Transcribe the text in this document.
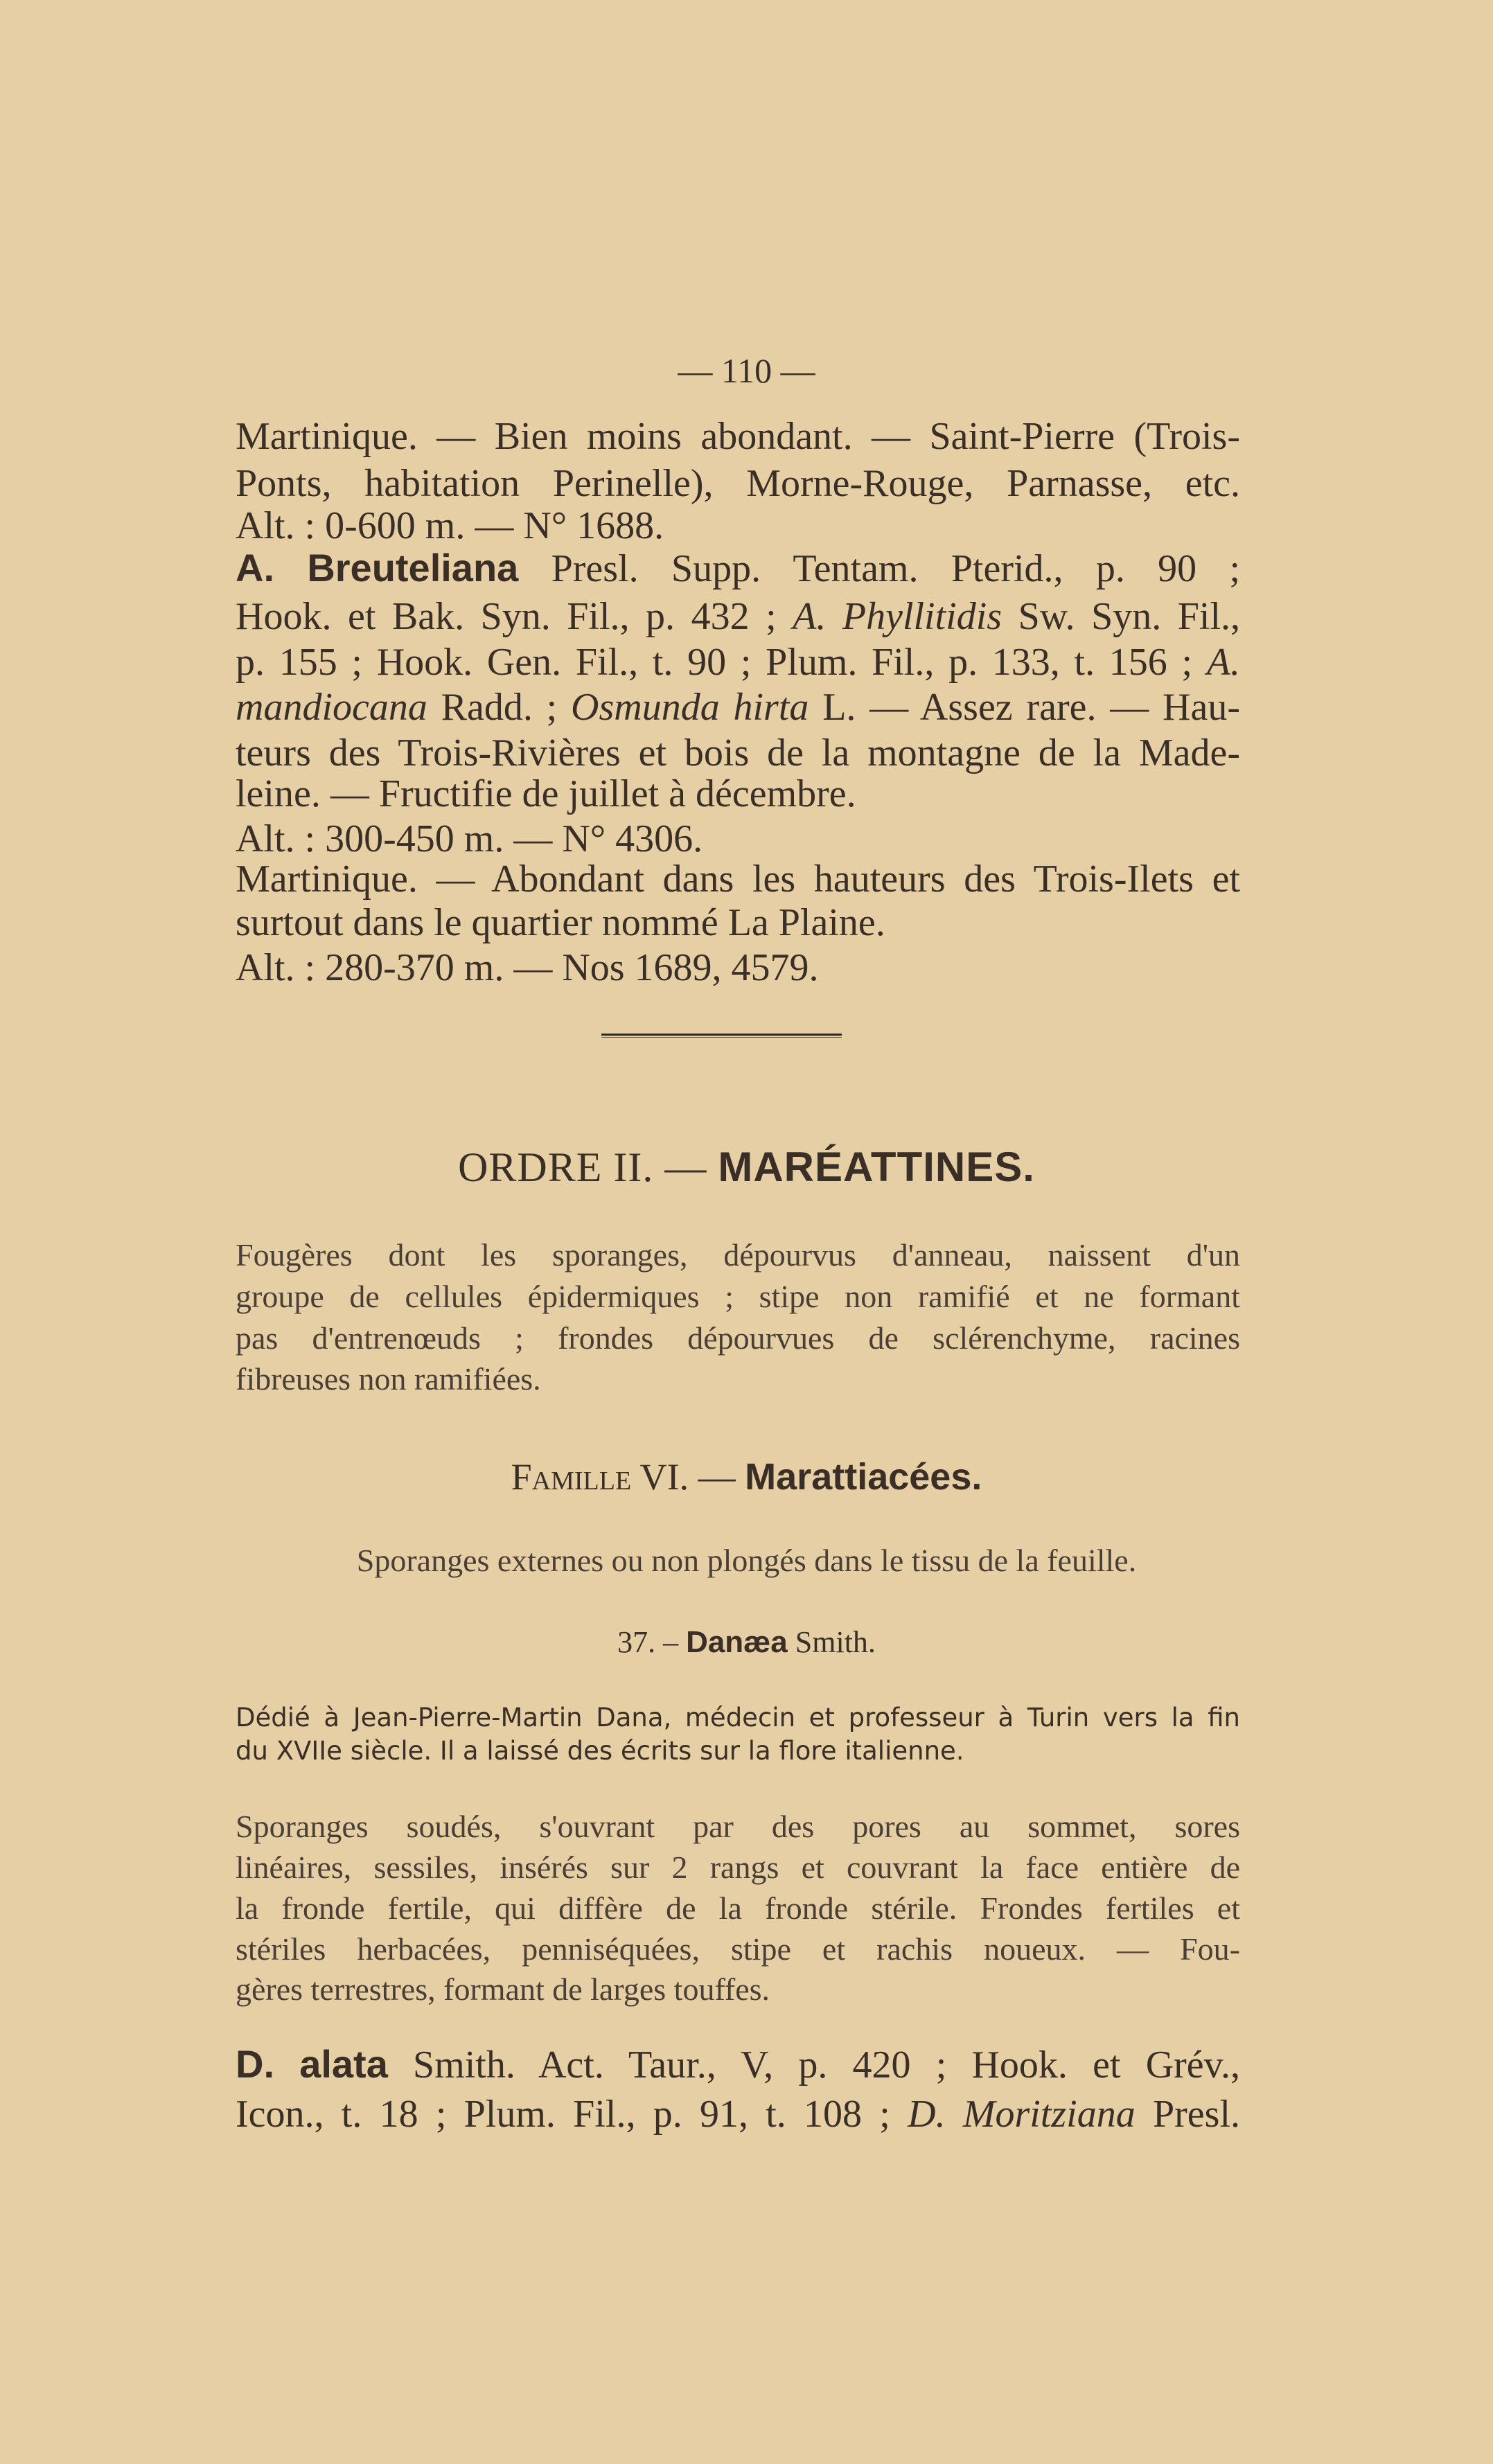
— 110 —
Martinique. — Bien moins abondant. — Saint-Pierre (Trois-
Ponts, habitation Perinelle), Morne-Rouge, Parnasse, etc.
Alt. : 0-600 m. — N° 1688.
A. Breuteliana Presl. Supp. Tentam. Pterid., p. 90 ;
Hook. et Bak. Syn. Fil., p. 432 ; A. Phyllitidis Sw. Syn. Fil.,
p. 155 ; Hook. Gen. Fil., t. 90 ; Plum. Fil., p. 133, t. 156 ; A.
mandiocana Radd. ; Osmunda hirta L. — Assez rare. — Hau-
teurs des Trois-Rivières et bois de la montagne de la Made-
leine. — Fructifie de juillet à décembre.
Alt. : 300-450 m. — N° 4306.
Martinique. — Abondant dans les hauteurs des Trois-Ilets et
surtout dans le quartier nommé La Plaine.
Alt. : 280-370 m. — Nos 1689, 4579.
ORDRE II. — MARÉATTINES.
Fougères dont les sporanges, dépourvus d'anneau, naissent d'un
groupe de cellules épidermiques ; stipe non ramifié et ne formant
pas d'entrenœuds ; frondes dépourvues de sclérenchyme, racines
fibreuses non ramifiées.
Famille VI. — Marattiacées.
Sporanges externes ou non plongés dans le tissu de la feuille.
37. – Danæa Smith.
Dédié à Jean-Pierre-Martin Dana, médecin et professeur à Turin vers la fin
du XVIIe siècle. Il a laissé des écrits sur la flore italienne.
Sporanges soudés, s'ouvrant par des pores au sommet, sores
linéaires, sessiles, insérés sur 2 rangs et couvrant la face entière de
la fronde fertile, qui diffère de la fronde stérile. Frondes fertiles et
stériles herbacées, penniséquées, stipe et rachis noueux. — Fou-
gères terrestres, formant de larges touffes.
D. alata Smith. Act. Taur., V, p. 420 ; Hook. et Grév.,
Icon., t. 18 ; Plum. Fil., p. 91, t. 108 ; D. Moritziana Presl.
